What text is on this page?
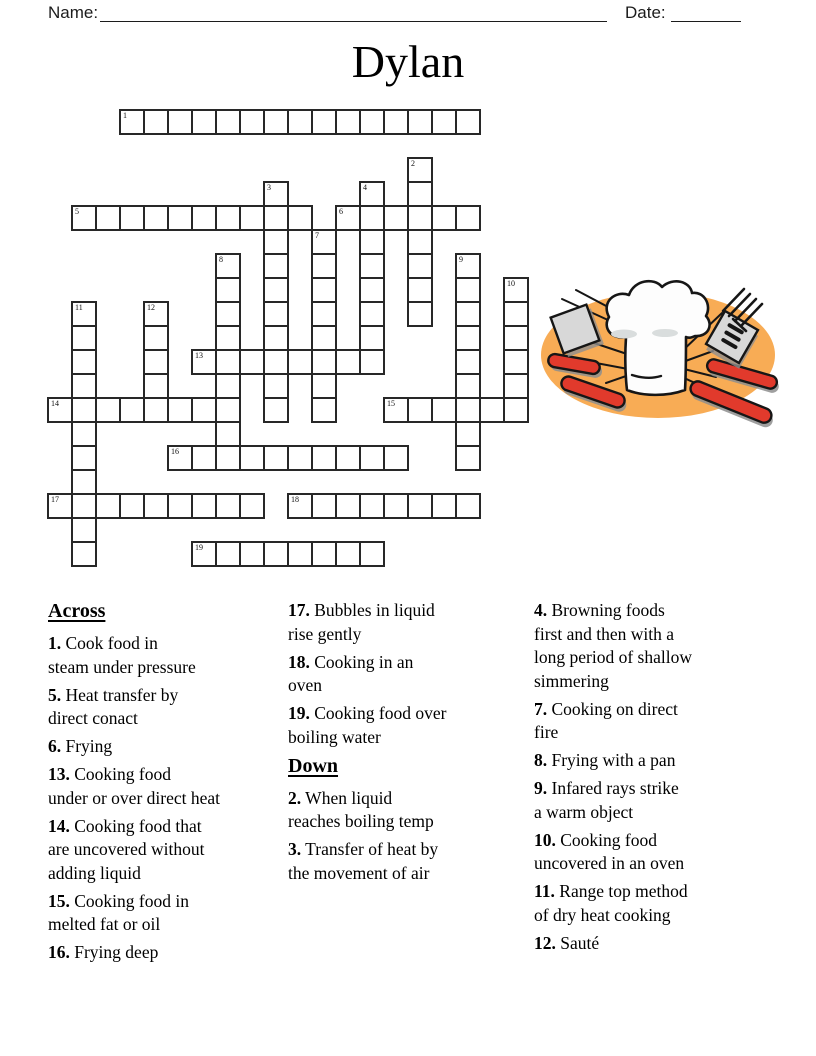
Name:	Date:
Dylan
1
2
3	4
5	6
7
8	9
10
11	12
13
14	15
16
17	18
19
Across
1. Cook food in
steam under pressure
5. Heat transfer by
direct conact
6. Frying
13. Cooking food
under or over direct heat
14. Cooking food that
are uncovered without
adding liquid
15. Cooking food in
melted fat or oil
16. Frying deep
17. Bubbles in liquid
rise gently
18. Cooking in an
oven
19. Cooking food over
boiling water
Down
2. When liquid
reaches boiling temp
3. Transfer of heat by
the movement of air
4. Browning foods
first and then with a
long period of shallow
simmering
7. Cooking on direct
fire
8. Frying with a pan
9. Infared rays strike
a warm object
10. Cooking food
uncovered in an oven
11. Range top method
of dry heat cooking
12. Sauté
